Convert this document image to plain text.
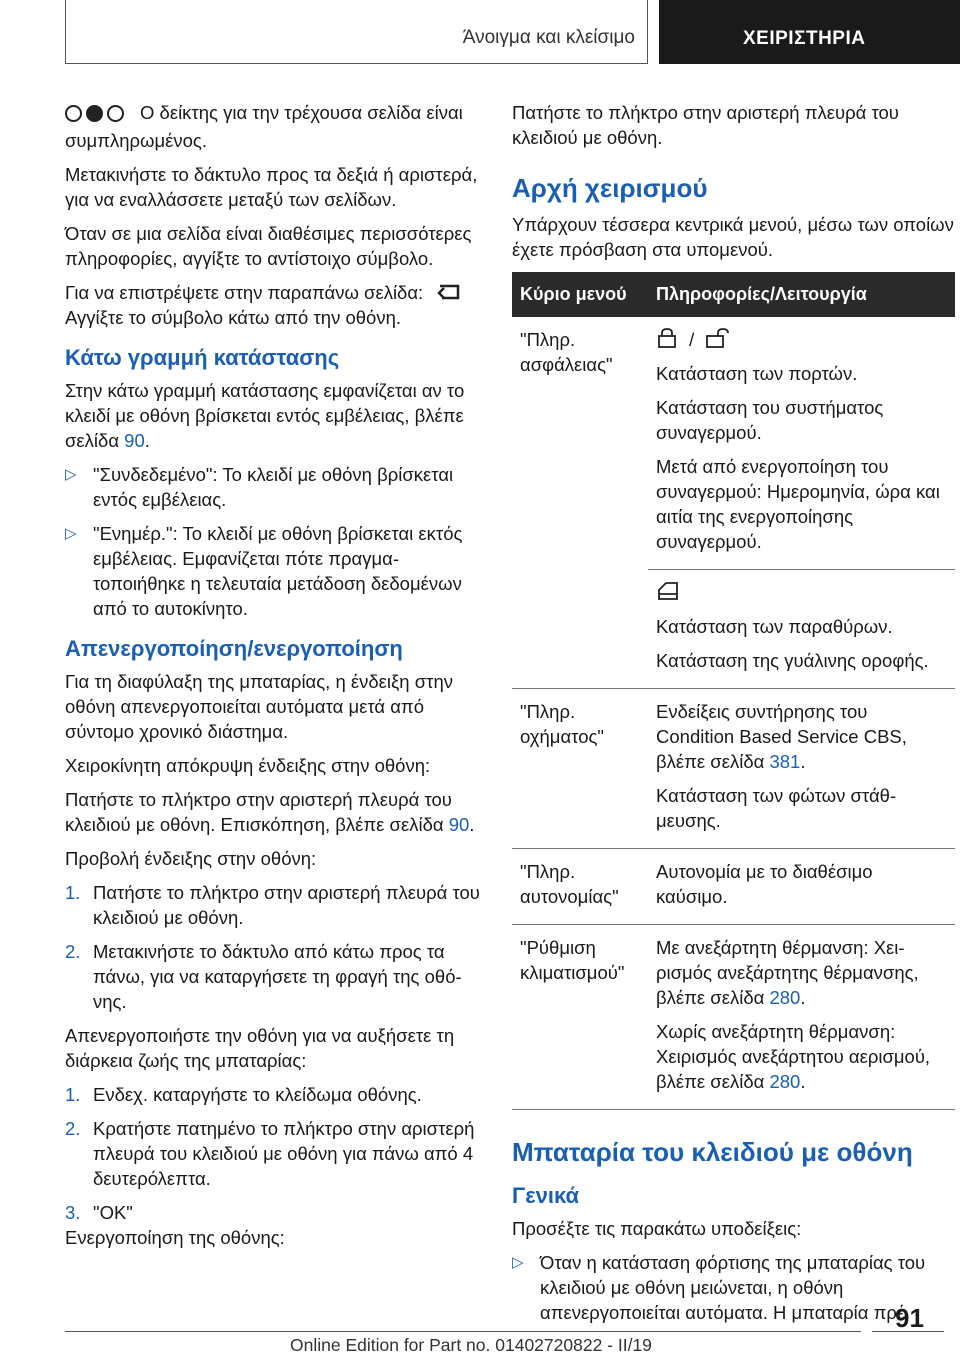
Άνοιγμα και κλείσιμο	ΧΕΙΡΙΣΤΗΡΙΑ
Ο δείκτης για την τρέχουσα σελίδα είναι συμπληρωμένος.
Μετακινήστε το δάκτυλο προς τα δεξιά ή αριστερά, για να εναλλάσσετε μεταξύ των σελίδων.
Όταν σε μια σελίδα είναι διαθέσιμες περισσότερες πληροφορίες, αγγίξτε το αντίστοιχο σύμβολο.
Για να επιστρέψετε στην παραπάνω σελίδα:
Αγγίξτε το σύμβολο κάτω από την οθόνη.
Κάτω γραμμή κατάστασης
Στην κάτω γραμμή κατάστασης εμφανίζεται αν το κλειδί με οθόνη βρίσκεται εντός εμβέλειας, βλέπε σελίδα 90.
▷ "Συνδεδεμένο": Το κλειδί με οθόνη βρίσκεται εντός εμβέλειας.
▷ "Ενημέρ.": Το κλειδί με οθόνη βρίσκεται εκτός εμβέλειας. Εμφανίζεται πότε πραγματοποιήθηκε η τελευταία μετάδοση δεδομένων από το αυτοκίνητο.
Απενεργοποίηση/ενεργοποίηση
Για τη διαφύλαξη της μπαταρίας, η ένδειξη στην οθόνη απενεργοποιείται αυτόματα μετά από σύντομο χρονικό διάστημα.
Χειροκίνητη απόκρυψη ένδειξης στην οθόνη:
Πατήστε το πλήκτρο στην αριστερή πλευρά του κλειδιού με οθόνη. Επισκόπηση, βλέπε σελίδα 90.
Προβολή ένδειξης στην οθόνη:
1. Πατήστε το πλήκτρο στην αριστερή πλευρά του κλειδιού με οθόνη.
2. Μετακινήστε το δάκτυλο από κάτω προς τα πάνω, για να καταργήσετε τη φραγή της οθόνης.
Απενεργοποιήστε την οθόνη για να αυξήσετε τη διάρκεια ζωής της μπαταρίας:
1. Ενδεχ. καταργήστε το κλείδωμα οθόνης.
2. Κρατήστε πατημένο το πλήκτρο στην αριστερή πλευρά του κλειδιού με οθόνη για πάνω από 4 δευτερόλεπτα.
3. "OK"
Ενεργοποίηση της οθόνης:
Πατήστε το πλήκτρο στην αριστερή πλευρά του κλειδιού με οθόνη.
Αρχή χειρισμού
Υπάρχουν τέσσερα κεντρικά μενού, μέσω των οποίων έχετε πρόσβαση στα υπομενού.
Κύριο μενού	Πληροφορίες/Λειτουργία
"Πληρ. ασφάλειας"	/
Κατάσταση των πορτών.
Κατάσταση του συστήματος συναγερμού.
Μετά από ενεργοποίηση του συναγερμού: Ημερομηνία, ώρα και αιτία της ενεργοποίησης συναγερμού.

	Κατάσταση των παραθύρων.
Κατάσταση της γυάλινης οροφής.

"Πληρ. οχήματος"	Ενδείξεις συντήρησης του Condition Based Service CBS, βλέπε σελίδα 381.
Κατάσταση των φώτων στάθμευσης.

"Πληρ. αυτονομίας"	Αυτονομία με το διαθέσιμο καύσιμο.

"Ρύθμιση κλιματισμού"	Με ανεξάρτητη θέρμανση: Χειρισμός ανεξάρτητης θέρμανσης, βλέπε σελίδα 280.
Χωρίς ανεξάρτητη θέρμανση: Χειρισμός ανεξάρτητου αερισμού, βλέπε σελίδα 280.
Μπαταρία του κλειδιού με οθόνη
Γενικά
Προσέξτε τις παρακάτω υποδείξεις:
▷ Όταν η κατάσταση φόρτισης της μπαταρίας του κλειδιού με οθόνη μειώνεται, η οθόνη απενεργοποιείται αυτόματα. Η μπαταρία πρέ
91
Online Edition for Part no. 01402720822 - II/19
